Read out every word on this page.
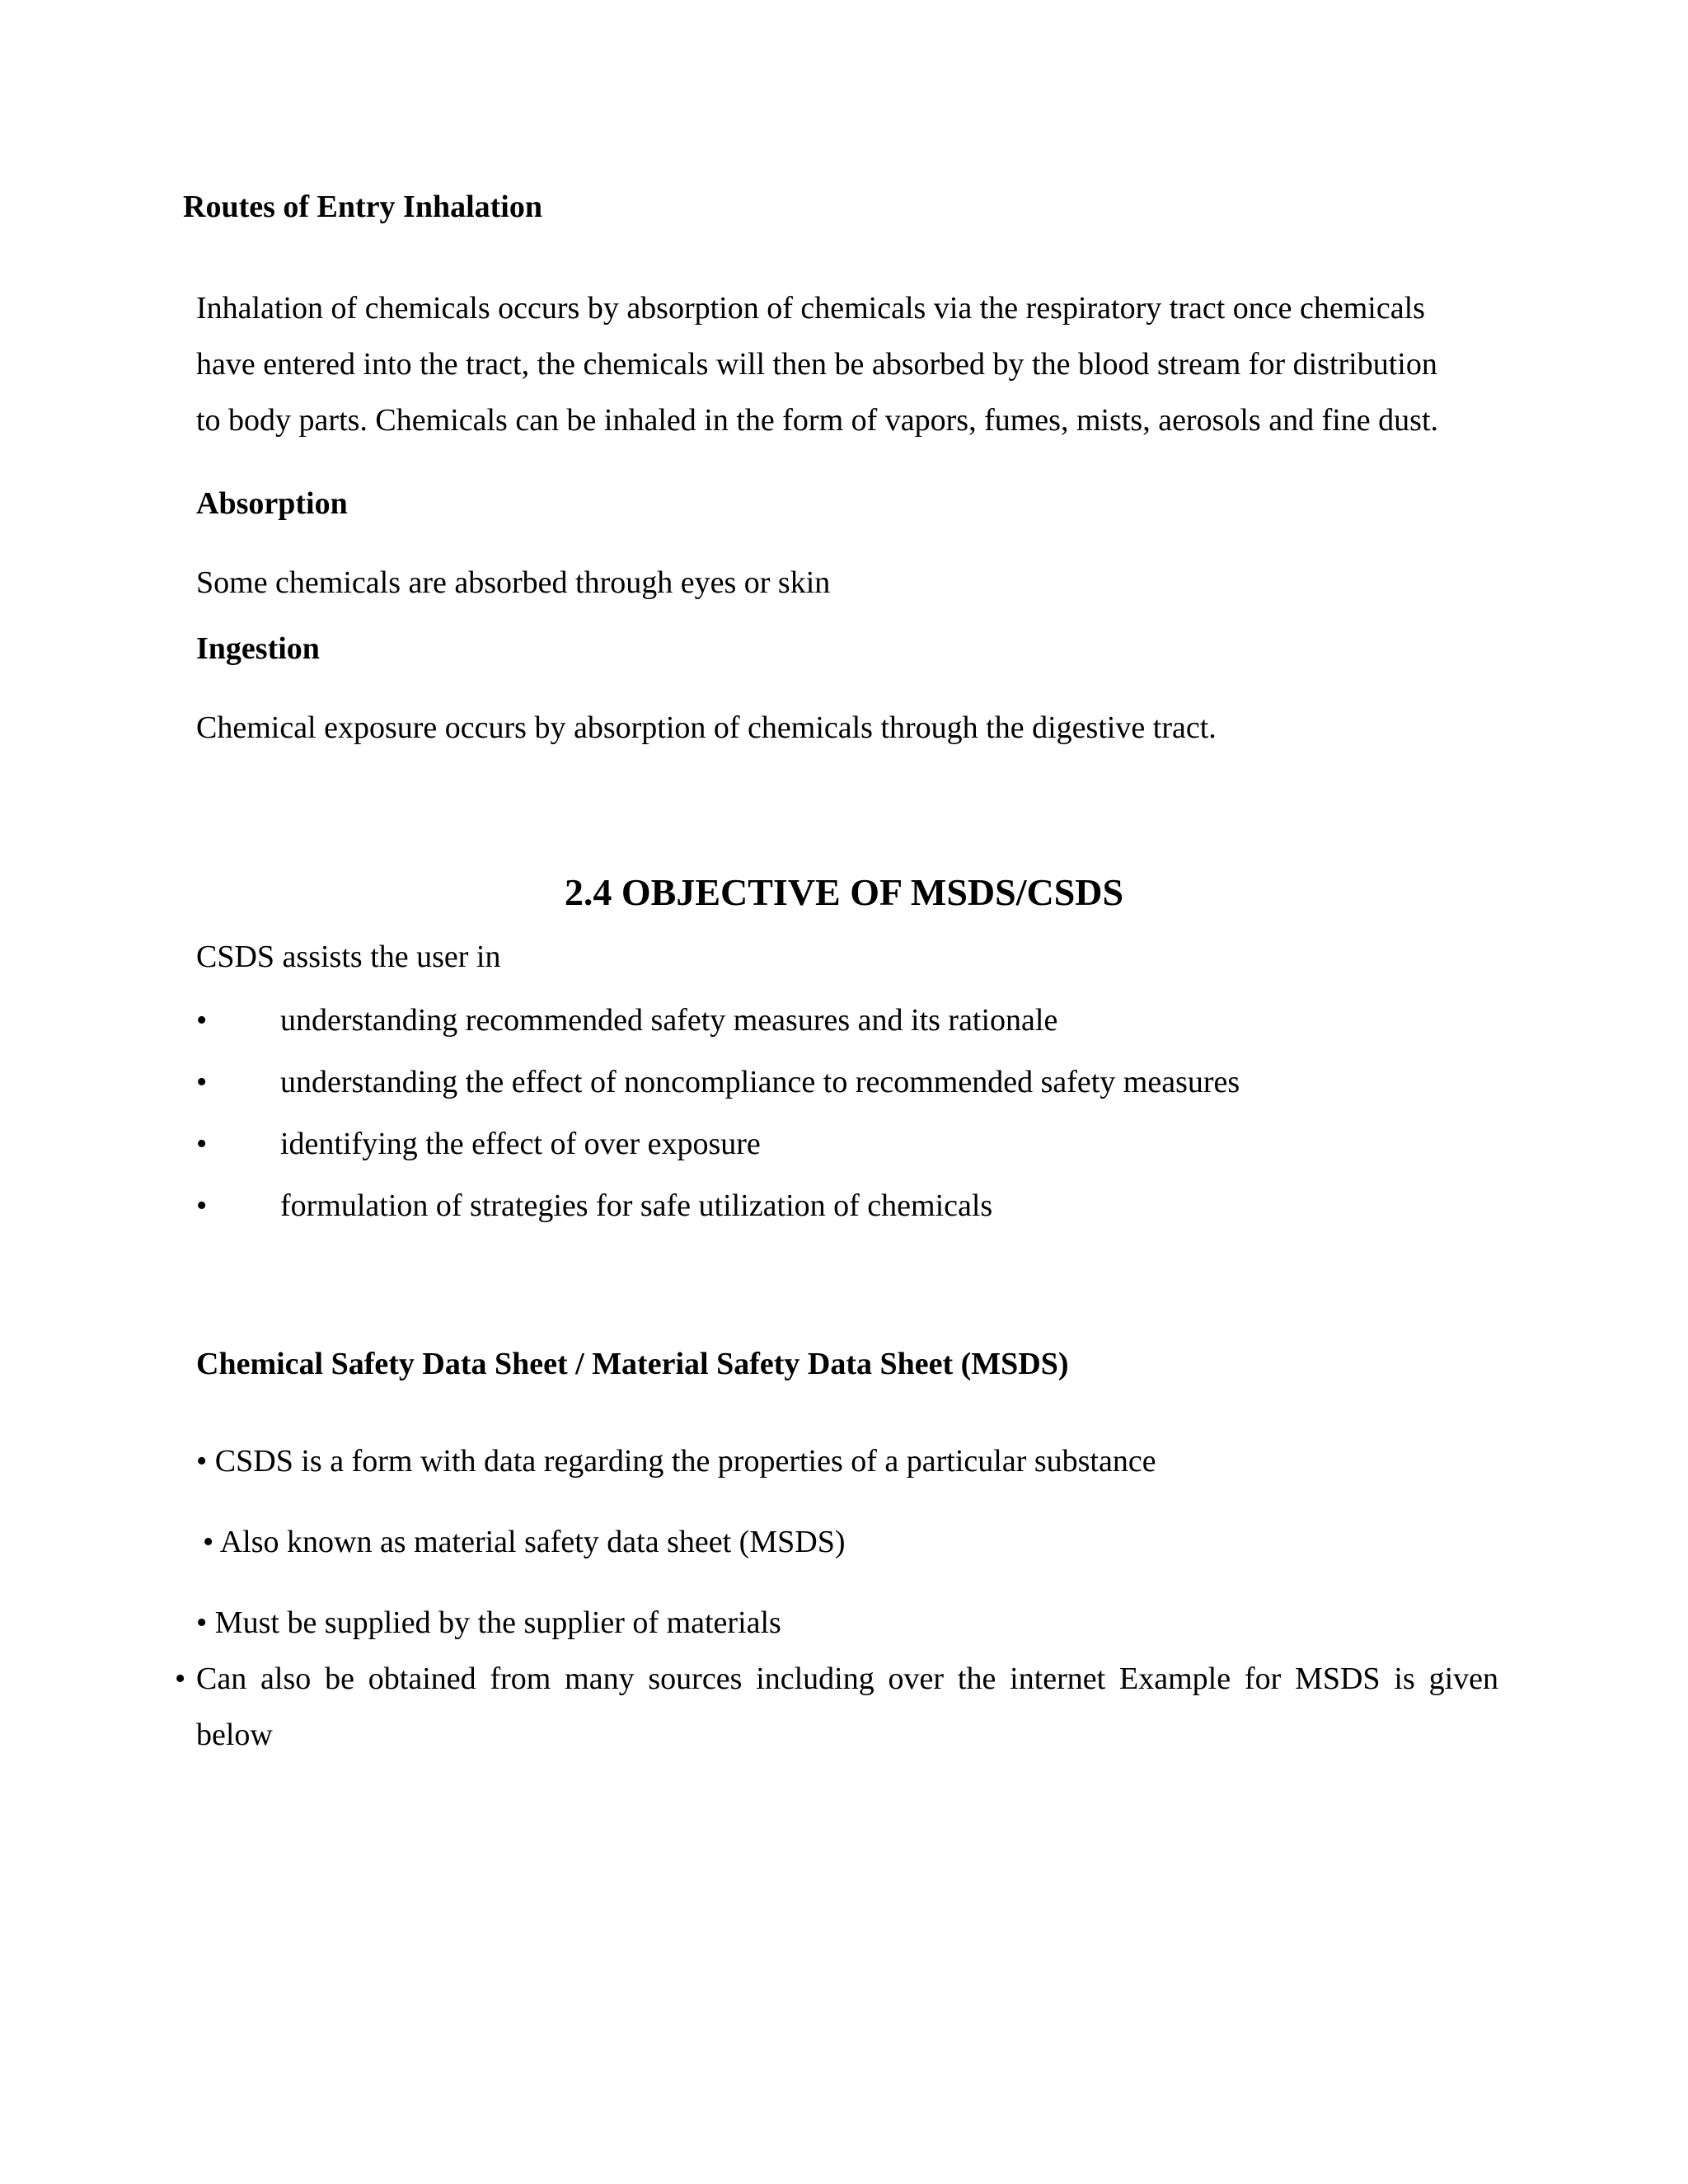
Routes of Entry Inhalation
Inhalation of chemicals occurs by absorption of chemicals via the respiratory tract once chemicals
have entered into the tract, the chemicals will then be absorbed by the blood stream for distribution
to body parts. Chemicals can be inhaled in the form of vapors, fumes, mists, aerosols and fine dust.
Absorption
Some chemicals are absorbed through eyes or skin
Ingestion
Chemical exposure occurs by absorption of chemicals through the digestive tract.
2.4 OBJECTIVE OF MSDS/CSDS
CSDS assists the user in
• understanding recommended safety measures and its rationale
• understanding the effect of noncompliance to recommended safety measures
• identifying the effect of over exposure
• formulation of strategies for safe utilization of chemicals
Chemical Safety Data Sheet / Material Safety Data Sheet (MSDS)
• CSDS is a form with data regarding the properties of a particular substance
• Also known as material safety data sheet (MSDS)
• Must be supplied by the supplier of materials
• Can also be obtained from many sources including over the internet Example for MSDS is given
below
